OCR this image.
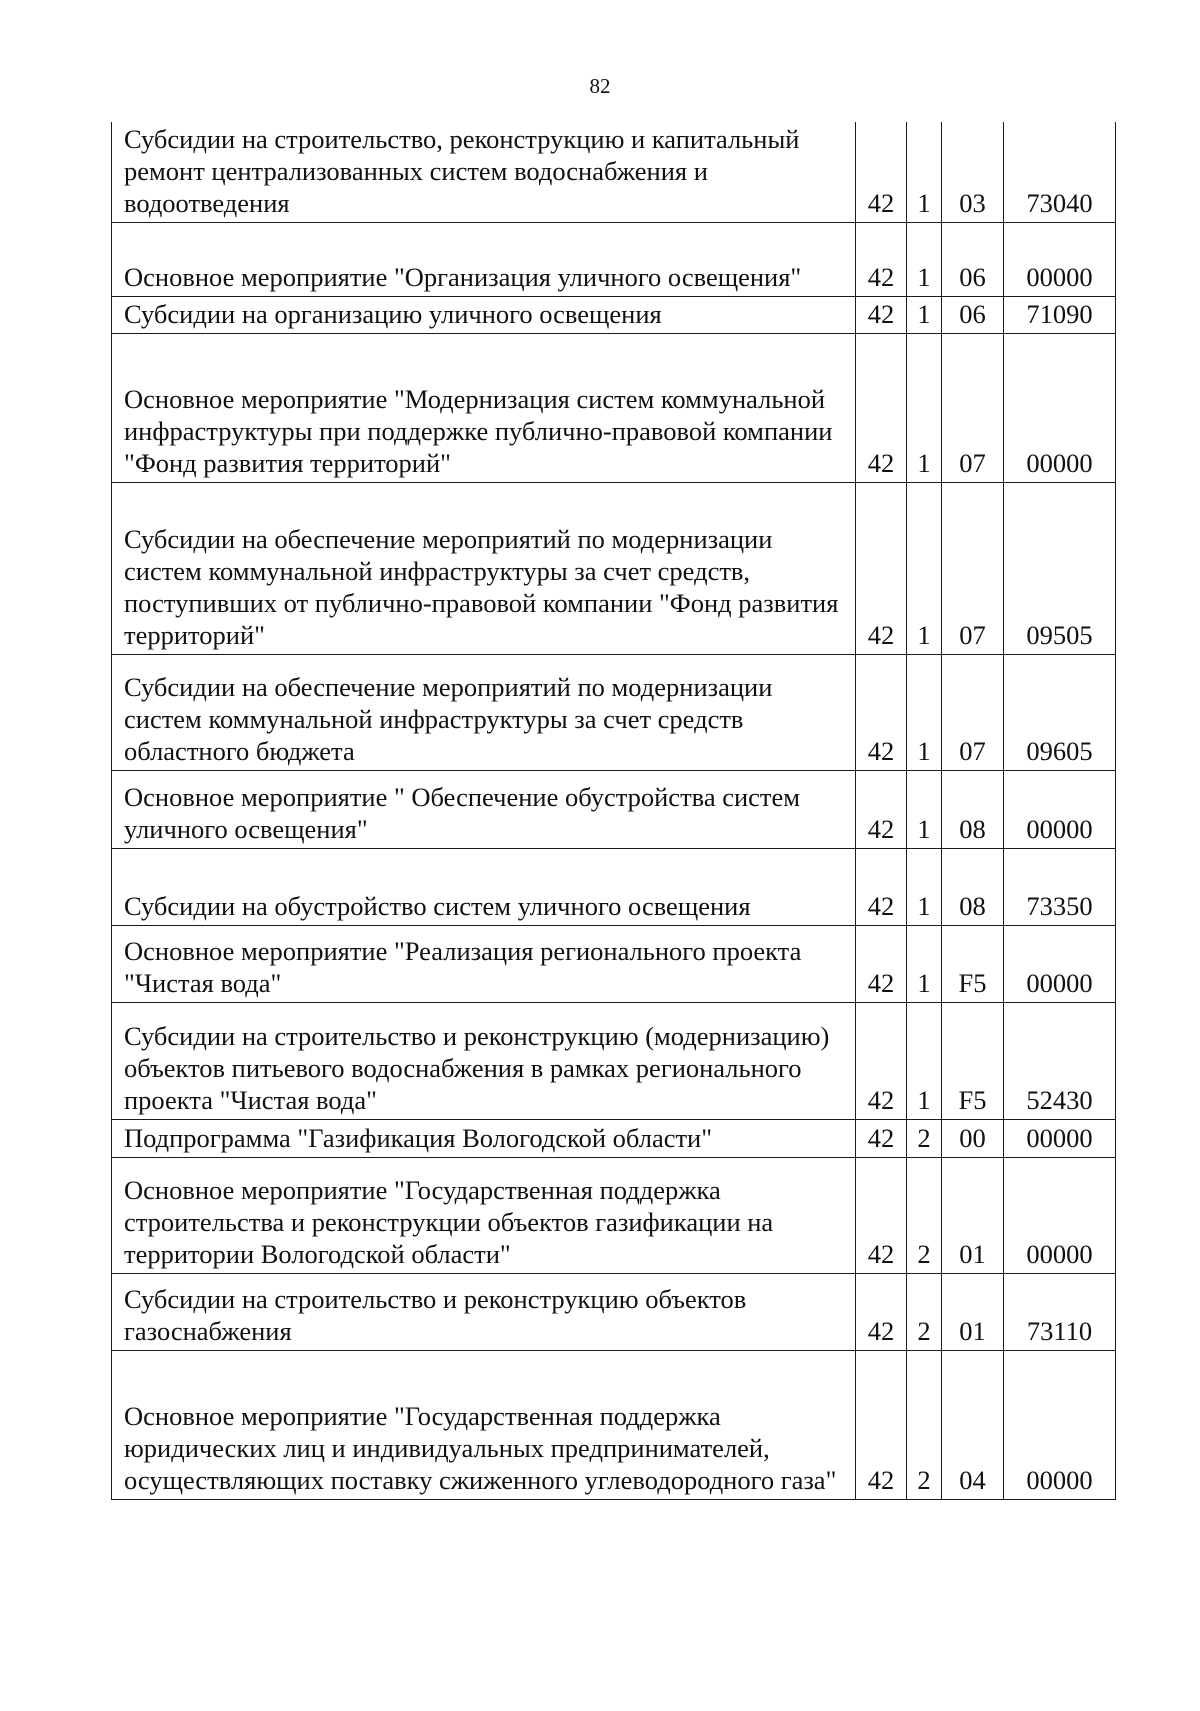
82
Субсидии на строительство, реконструкцию и капитальный ремонт централизованных систем водоснабжения и водоотведения	42	1	03	73040
Основное мероприятие "Организация уличного освещения"	42	1	06	00000
Субсидии на организацию уличного освещения	42	1	06	71090
Основное мероприятие "Модернизация систем коммунальной инфраструктуры при поддержке публично-правовой компании "Фонд развития территорий"	42	1	07	00000
Субсидии на обеспечение мероприятий по модернизации систем коммунальной инфраструктуры за счет средств, поступивших от публично-правовой компании "Фонд развития территорий"	42	1	07	09505
Субсидии на обеспечение мероприятий по модернизации систем коммунальной инфраструктуры за счет средств областного бюджета	42	1	07	09605
Основное мероприятие " Обеспечение обустройства систем уличного освещения"	42	1	08	00000
Субсидии на обустройство систем уличного освещения	42	1	08	73350
Основное мероприятие "Реализация регионального проекта "Чистая вода"	42	1	F5	00000
Субсидии на строительство и реконструкцию (модернизацию) объектов питьевого водоснабжения в рамках регионального проекта "Чистая вода"	42	1	F5	52430
Подпрограмма "Газификация Вологодской области"	42	2	00	00000
Основное мероприятие "Государственная поддержка строительства и реконструкции объектов газификации на территории Вологодской области"	42	2	01	00000
Субсидии на строительство и реконструкцию объектов газоснабжения	42	2	01	73110
Основное мероприятие "Государственная поддержка юридических лиц и индивидуальных предпринимателей, осуществляющих поставку сжиженного углеводородного газа"	42	2	04	00000
